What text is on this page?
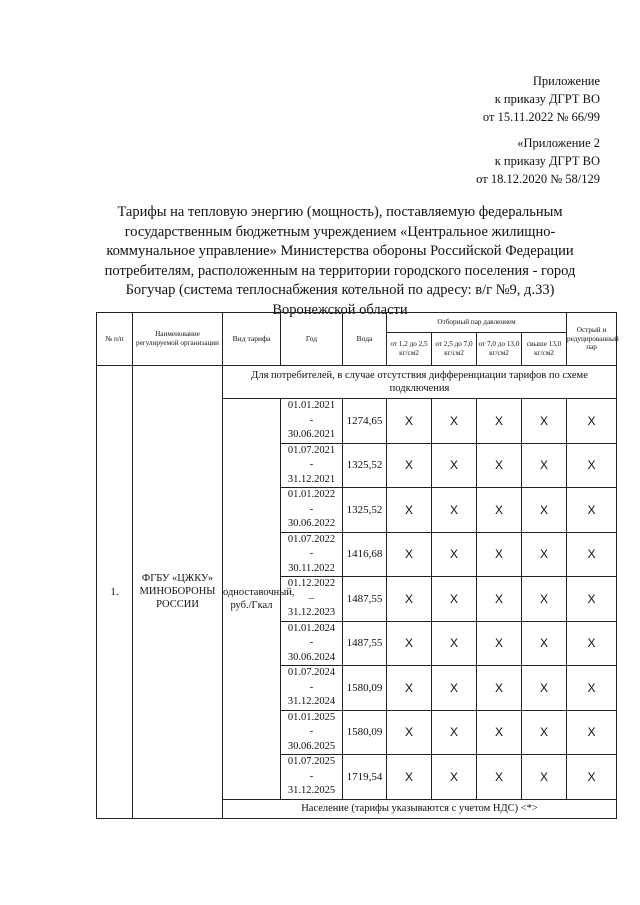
Приложение
к приказу ДГРТ ВО
от 15.11.2022 № 66/99
«Приложение 2
к приказу ДГРТ ВО
от 18.12.2020 № 58/129
Тарифы на тепловую энергию (мощность), поставляемую федеральным государственным бюджетным учреждением «Центральное жилищно-коммунальное управление» Министерства обороны Российской Федерации потребителям, расположенным на территории городского поселения - город Богучар (система теплоснабжения котельной по адресу: в/г №9, д.33) Воронежской области
№ п/п	Наименование регулируемой организации	Вид тарифа	Год	Вода	Отборный пар давлением				Острый и редуцированный пар
					от 1,2 до 2,5 кг/см2	от 2,5 до 7,0 кг/см2	от 7,0 до 13,0 кг/см2	свыше 13,0 кг/см2	
1.	ФГБУ «ЦЖКУ» МИНОБОРОНЫ РОССИИ	Для потребителей, в случае отсутствия дифференциации тарифов по схеме подключения							
		одноставочный, руб./Гкал	01.01.2021
-
30.06.2021	1274,65	X	X	X	X	X

			01.07.2021
-
31.12.2021	1325,52	X	X	X	X	X

			01.01.2022
-
30.06.2022	1325,52	X	X	X	X	X

			01.07.2022
-
30.11.2022	1416,68	X	X	X	X	X

			01.12.2022
–
31.12.2023	1487,55	X	X	X	X	X

			01.01.2024
-
30.06.2024	1487,55	X	X	X	X	X

			01.07.2024
-
31.12.2024	1580,09	X	X	X	X	X

			01.01.2025
-
30.06.2025	1580,09	X	X	X	X	X

			01.07.2025
-
31.12.2025	1719,54	X	X	X	X	X
		Население (тарифы указываются с учетом НДС) <*>							
